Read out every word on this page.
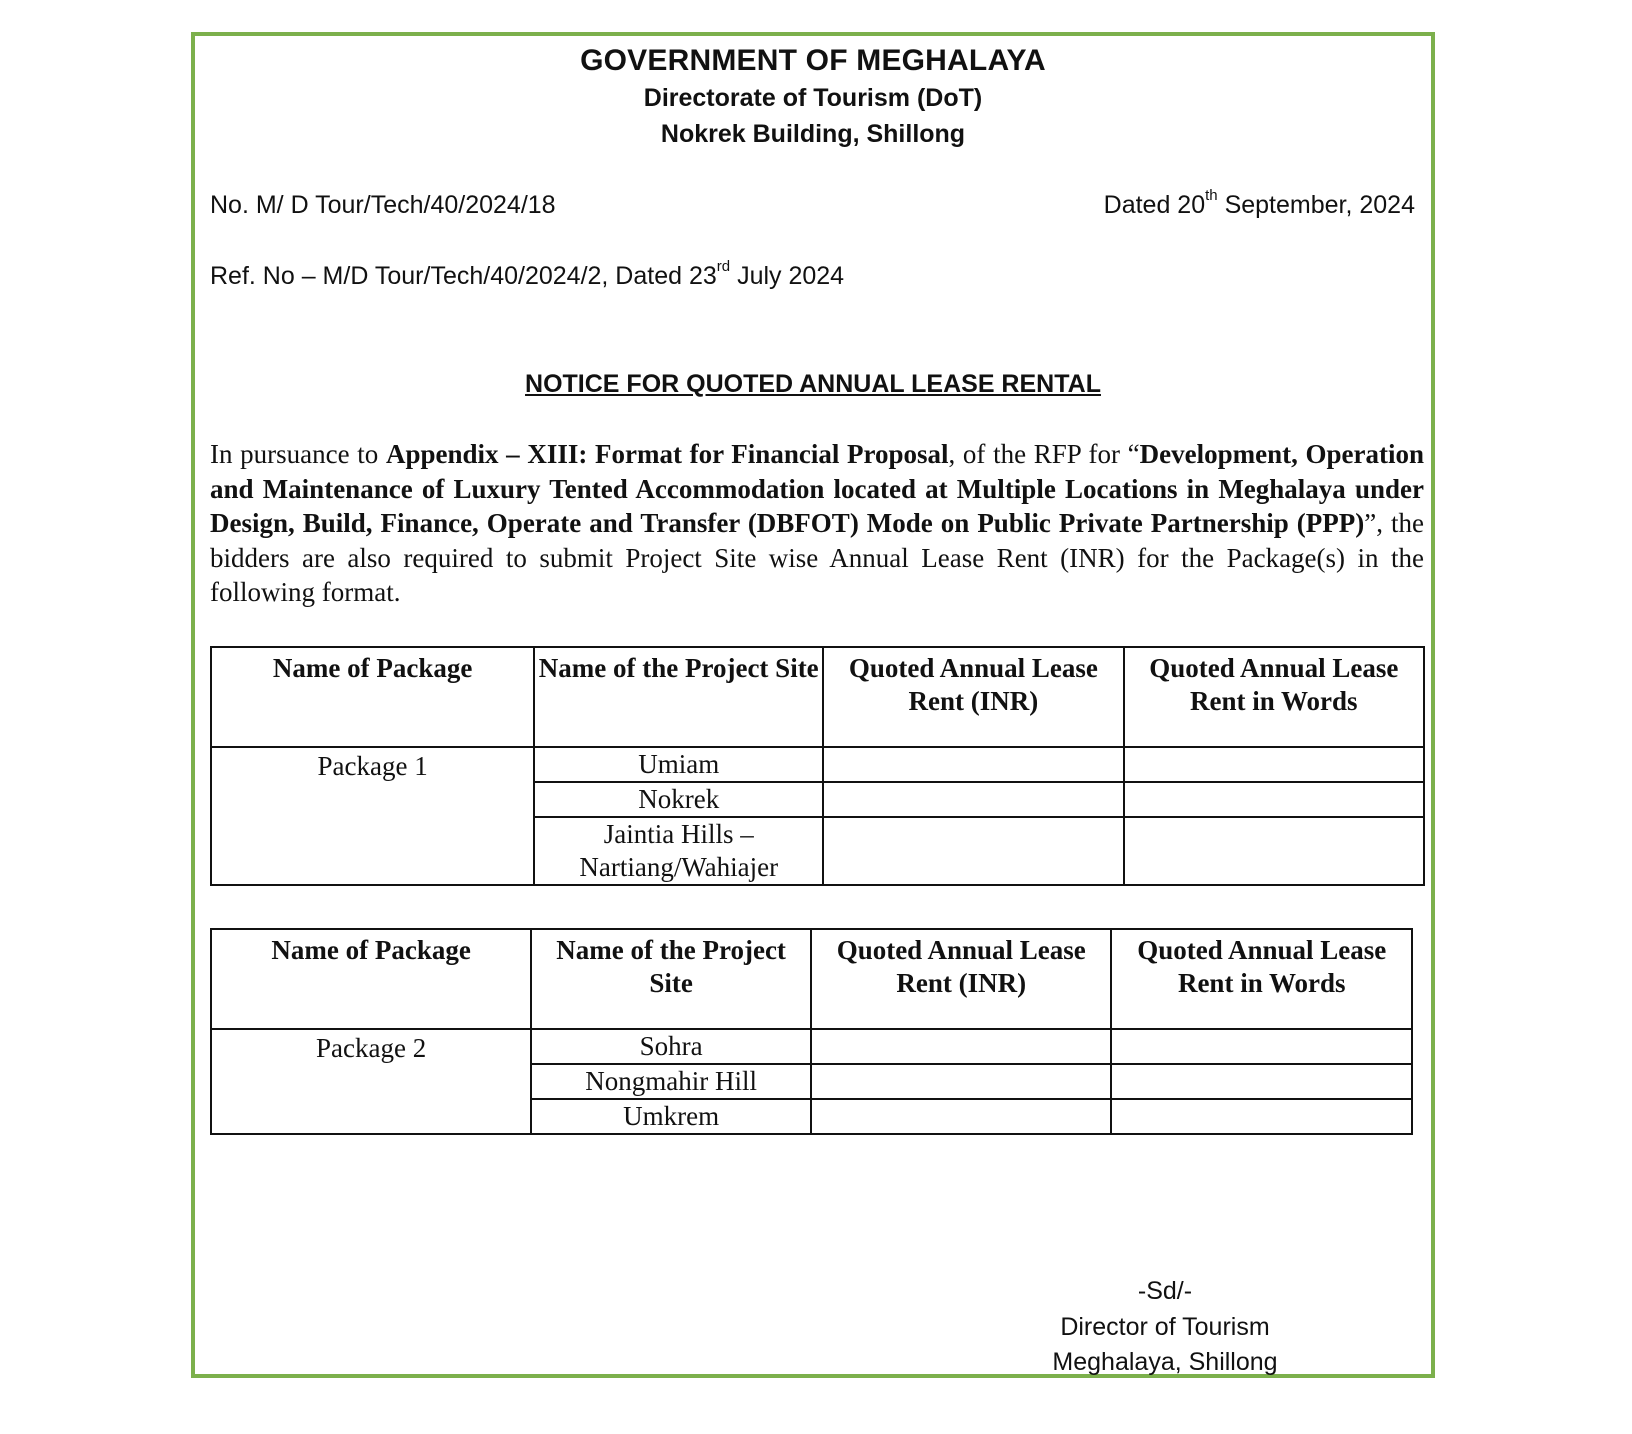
GOVERNMENT OF MEGHALAYA
Directorate of Tourism (DoT)
Nokrek Building, Shillong
No. M/ D Tour/Tech/40/2024/18	Dated 20th September, 2024
Ref. No – M/D Tour/Tech/40/2024/2, Dated 23rd July 2024
NOTICE FOR QUOTED ANNUAL LEASE RENTAL
In pursuance to Appendix – XIII: Format for Financial Proposal, of the RFP for “Development, Operation and Maintenance of Luxury Tented Accommodation located at Multiple Locations in Meghalaya under Design, Build, Finance, Operate and Transfer (DBFOT) Mode on Public Private Partnership (PPP)”, the bidders are also required to submit Project Site wise Annual Lease Rent (INR) for the Package(s) in the following format.
Name of Package	Name of the Project Site	Quoted Annual Lease Rent (INR)	Quoted Annual Lease Rent in Words
Package 1	Umiam		
	Nokrek		
	Jaintia Hills – Nartiang/Wahiajer		
Name of Package	Name of the Project Site	Quoted Annual Lease Rent (INR)	Quoted Annual Lease Rent in Words
Package 2	Sohra		
	Nongmahir Hill		
	Umkrem		
-Sd/-
Director of Tourism
Meghalaya, Shillong
